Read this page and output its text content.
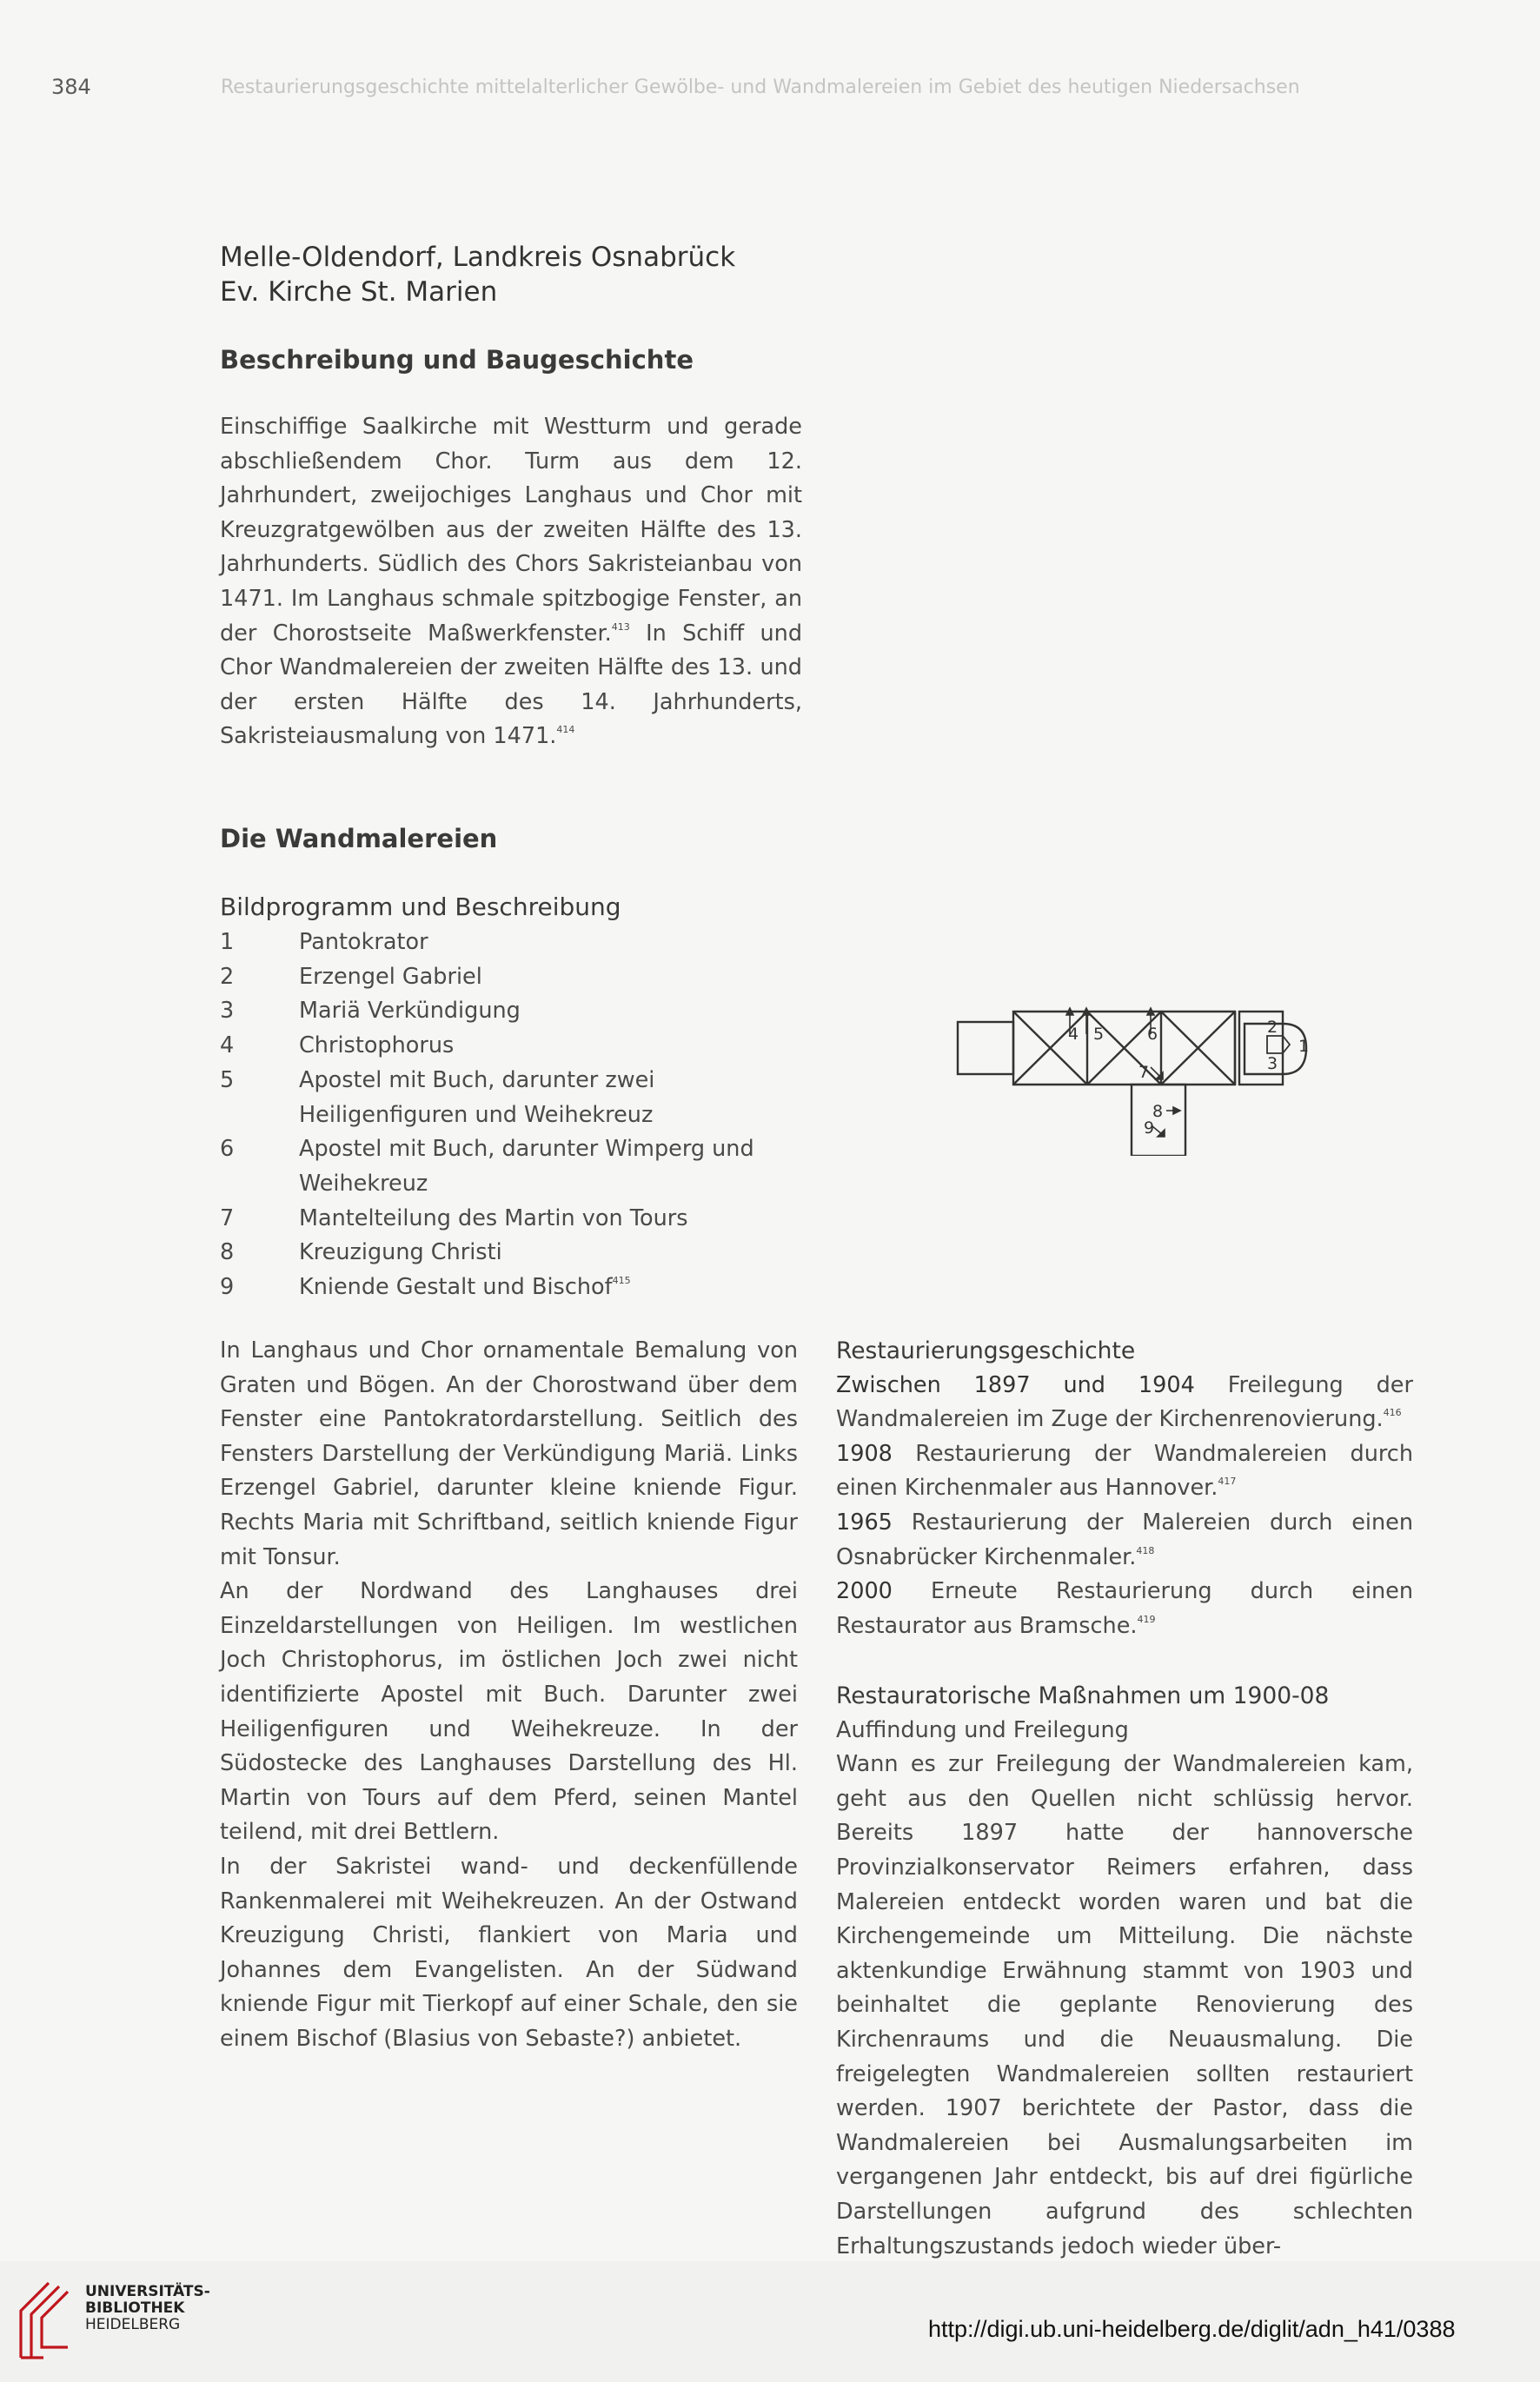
384	Restaurierungsgeschichte mittelalterlicher Gewölbe- und Wandmalereien im Gebiet des heutigen Niedersachsen
Melle-Oldendorf, Landkreis Osnabrück
Ev. Kirche St. Marien
Beschreibung und Baugeschichte
Einschiffige Saalkirche mit Westturm und gerade abschließendem Chor. Turm aus dem 12. Jahrhundert, zweijochiges Langhaus und Chor mit Kreuzgratgewölben aus der zweiten Hälfte des 13. Jahrhunderts. Südlich des Chors Sakristeianbau von 1471. Im Langhaus schmale spitzbogige Fenster, an der Chorostseite Maßwerkfenster.$^{413}$ In Schiff und Chor Wandmalereien der zweiten Hälfte des 13. und der ersten Hälfte des 14. Jahrhunderts, Sakristeiausmalung von 1471.$^{414}$
Die Wandmalereien
Bildprogramm und Beschreibung
1	Pantokrator
2	Erzengel Gabriel
3	Mariä Verkündigung
4	Christophorus
5	Apostel mit Buch, darunter zwei Heiligenfiguren und Weihekreuz
6	Apostel mit Buch, darunter Wimperg und Weihekreuz
7	Mantelteilung des Martin von Tours
8	Kreuzigung Christi
9	Kniende Gestalt und Bischof$^{415}$
4 5	6
7
2
3
1
8
9

In Langhaus und Chor ornamentale Bemalung von Graten und Bögen. An der Chorostwand über dem Fenster eine Pantokratordarstellung. Seitlich des Fensters Darstellung der Verkündigung Mariä. Links Erzengel Gabriel, darunter kleine kniende Figur. Rechts Maria mit Schriftband, seitlich kniende Figur mit Tonsur.

An der Nordwand des Langhauses drei Einzeldarstellungen von Heiligen. Im westlichen Joch Christophorus, im östlichen Joch zwei nicht identifizierte Apostel mit Buch. Darunter zwei Heiligenfiguren und Weihekreuze. In der Südostecke des Langhauses Darstellung des Hl. Martin von Tours auf dem Pferd, seinen Mantel teilend, mit drei Bettlern.

In der Sakristei wand- und deckenfüllende Rankenmalerei mit Weihekreuzen. An der Ostwand Kreuzigung Christi, flankiert von Maria und Johannes dem Evangelisten. An der Südwand kniende Figur mit Tierkopf auf einer Schale, den sie einem Bischof (Blasius von Sebaste?) anbietet.

Restaurierungsgeschichte

Zwischen 1897 und 1904 Freilegung der Wandmalereien im Zuge der Kirchenrenovierung.$^{416}$

1908 Restaurierung der Wandmalereien durch einen Kirchenmaler aus Hannover.$^{417}$

1965 Restaurierung der Malereien durch einen Osnabrücker Kirchenmaler.$^{418}$

2000 Erneute Restaurierung durch einen Restaurator aus Bramsche.$^{419}$

Restauratorische Maßnahmen um 1900-08

Auffindung und Freilegung

Wann es zur Freilegung der Wandmalereien kam, geht aus den Quellen nicht schlüssig hervor. Bereits 1897 hatte der hannoversche Provinzialkonservator Reimers erfahren, dass Malereien entdeckt worden waren und bat die Kirchengemeinde um Mitteilung. Die nächste aktenkundige Erwähnung stammt von 1903 und beinhaltet die geplante Renovierung des Kirchenraums und die Neuausmalung. Die freigelegten Wandmalereien sollten restauriert werden. 1907 berichtete der Pastor, dass die Wandmalereien bei Ausmalungsarbeiten im vergangenen Jahr entdeckt, bis auf drei figürliche Darstellungen aufgrund des schlechten Erhaltungszustands jedoch wieder über-

UNIVERSITÄTS-
BIBLIOTHEK
HEIDELBERG	http://digi.ub.uni-heidelberg.de/diglit/adn_h41/0388
